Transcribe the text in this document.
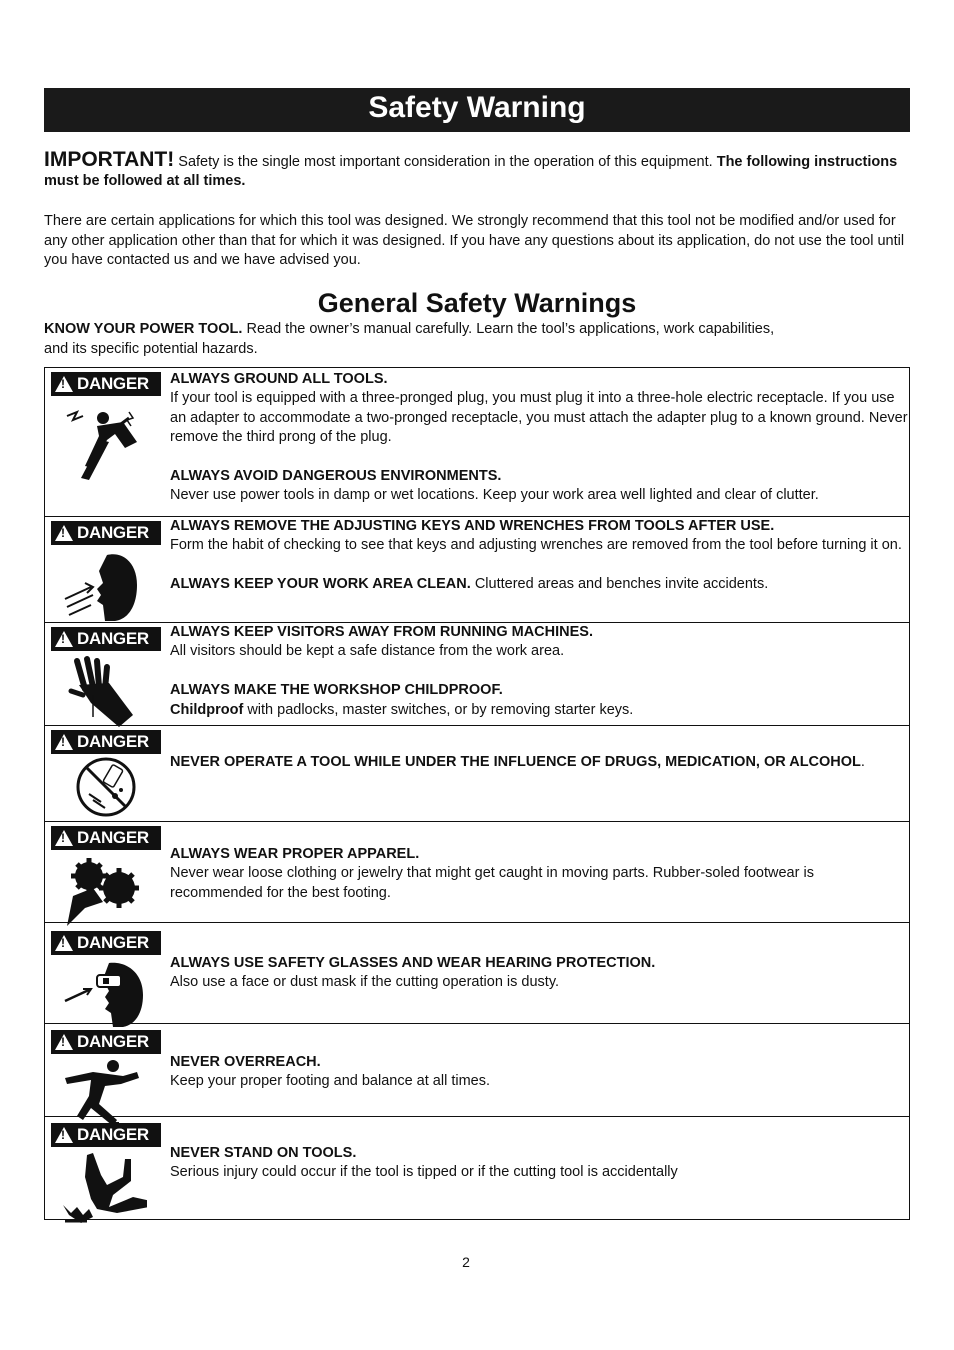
Safety Warning
IMPORTANT! Safety is the single most important consideration in the operation of this equipment. The following instructions must be followed at all times.
There are certain applications for which this tool was designed. We strongly recommend that this tool not be modified and/or used for any other application other than that for which it was designed. If you have any questions about its application, do not use the tool until you have contacted us and we have advised you.
General Safety Warnings
KNOW YOUR POWER TOOL. Read the owner’s manual carefully. Learn the tool’s applications, work capabilities, and its specific potential hazards.
!
DANGER ALWAYS GROUND ALL TOOLS.
If your tool is equipped with a three-pronged plug, you must plug it into a three-hole electric receptacle. If you use an adapter to accommodate a two-pronged receptacle, you must attach the adapter plug to a known ground. Never remove the third prong of the plug.
ALWAYS AVOID DANGEROUS ENVIRONMENTS.
Never use power tools in damp or wet locations. Keep your work area well lighted and clear of clutter.
!
DANGER ALWAYS REMOVE THE ADJUSTING KEYS AND WRENCHES FROM TOOLS AFTER USE.
Form the habit of checking to see that keys and adjusting wrenches are removed from the tool before turning it on.
ALWAYS KEEP YOUR WORK AREA CLEAN. Cluttered areas and benches invite accidents.
!
DANGER ALWAYS KEEP VISITORS AWAY FROM RUNNING MACHINES.
All visitors should be kept a safe distance from the work area.
ALWAYS MAKE THE WORKSHOP CHILDPROOF.
Childproof with padlocks, master switches, or by removing starter keys.
!
DANGER
NEVER OPERATE A TOOL WHILE UNDER THE INFLUENCE OF DRUGS, MEDICATION, OR ALCOHOL.
!
DANGER
ALWAYS WEAR PROPER APPAREL.
Never wear loose clothing or jewelry that might get caught in moving parts. Rubber-soled footwear is recommended for the best footing.
!
DANGER
ALWAYS USE SAFETY GLASSES AND WEAR HEARING PROTECTION.
Also use a face or dust mask if the cutting operation is dusty.
!
DANGER
NEVER OVERREACH.
Keep your proper footing and balance at all times.
!
DANGER
NEVER STAND ON TOOLS.
Serious injury could occur if the tool is tipped or if the cutting tool is accidentally
2
